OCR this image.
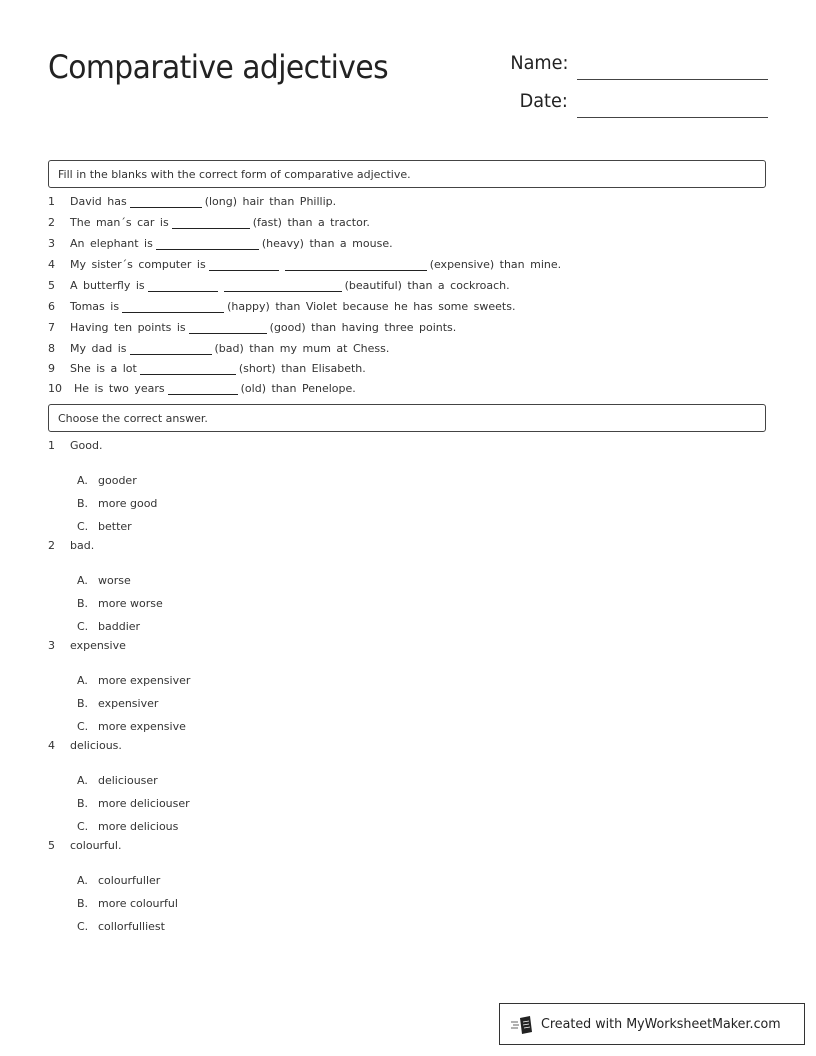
Comparative adjectives	Name:
Date:
Fill in the blanks with the correct form of comparative adjective.
1 David has	(long) hair than Phillip.
2 The man´s car is	(fast) than a tractor.
3 An elephant is	(heavy) than a mouse.
4 My sister´s computer is	(expensive) than mine.
5 A butterfly is	(beautiful) than a cockroach.
6 Tomas is	(happy) than Violet because he has some sweets.
7 Having ten points is	(good) than having three points.
8 My dad is	(bad) than my mum at Chess.
9 She is a lot	(short) than Elisabeth.
10 He is two years	(old) than Penelope.
Choose the correct answer.
1 Good.
A. gooder
B. more good
C. better
2 bad.
A. worse
B. more worse
C. baddier
3 expensive
A. more expensiver
B. expensiver
C. more expensive
4 delicious.
A. deliciouser
B. more deliciouser
C. more delicious
5 colourful.
A. colourfuller
B. more colourful
C. collorfulliest
Created with MyWorksheetMaker.com
